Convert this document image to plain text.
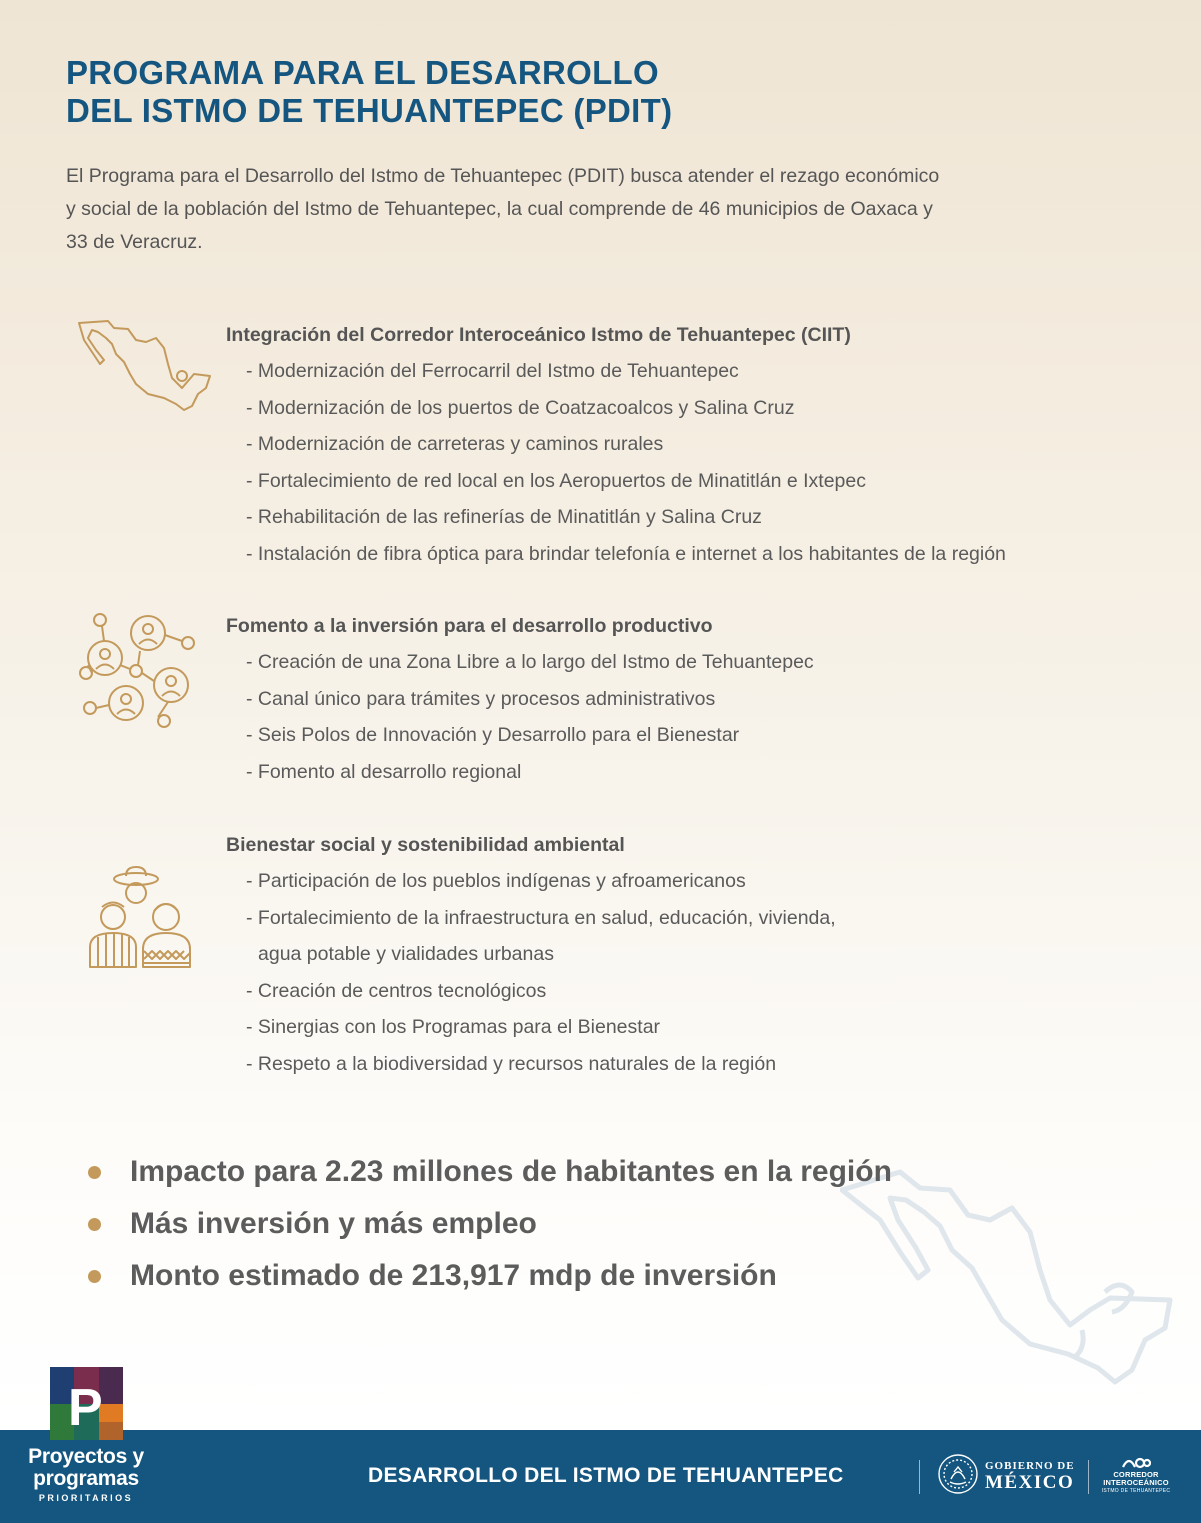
PROGRAMA PARA EL DESARROLLO
DEL ISTMO DE TEHUANTEPEC (PDIT)

El Programa para el Desarrollo del Istmo de Tehuantepec (PDIT) busca atender el rezago económico y social de la población del Istmo de Tehuantepec, la cual comprende de 46 municipios de Oaxaca y 33 de Veracruz.

Integración del Corredor Interoceánico Istmo de Tehuantepec (CIIT)
- Modernización del Ferrocarril del Istmo de Tehuantepec
- Modernización de los puertos de Coatzacoalcos y Salina Cruz
- Modernización de carreteras y caminos rurales
- Fortalecimiento de red local en los Aeropuertos de Minatitlán e Ixtepec
- Rehabilitación de las refinerías de Minatitlán y Salina Cruz
- Instalación de fibra óptica para brindar telefonía e internet a los habitantes de la región
Fomento a la inversión para el desarrollo productivo
- Creación de una Zona Libre a lo largo del Istmo de Tehuantepec
- Canal único para trámites y procesos administrativos
- Seis Polos de Innovación y Desarrollo para el Bienestar
- Fomento al desarrollo regional
Bienestar social y sostenibilidad ambiental
- Participación de los pueblos indígenas y afroamericanos
- Fortalecimiento de la infraestructura en salud, educación, vivienda,
agua potable y vialidades urbanas
- Creación de centros tecnológicos
- Sinergias con los Programas para el Bienestar
- Respeto a la biodiversidad y recursos naturales de la región
Impacto para 2.23 millones de habitantes en la región
Más inversión y más empleo
Monto estimado de 213,917 mdp de inversión
P
Proyectos y
programas
PRIORITARIOS
DESARROLLO DEL ISTMO DE TEHUANTEPEC	GOBIERNO DE
MÉXICO	CORREDOR
INTEROCEÁNICO
ISTMO DE TEHUANTEPEC
